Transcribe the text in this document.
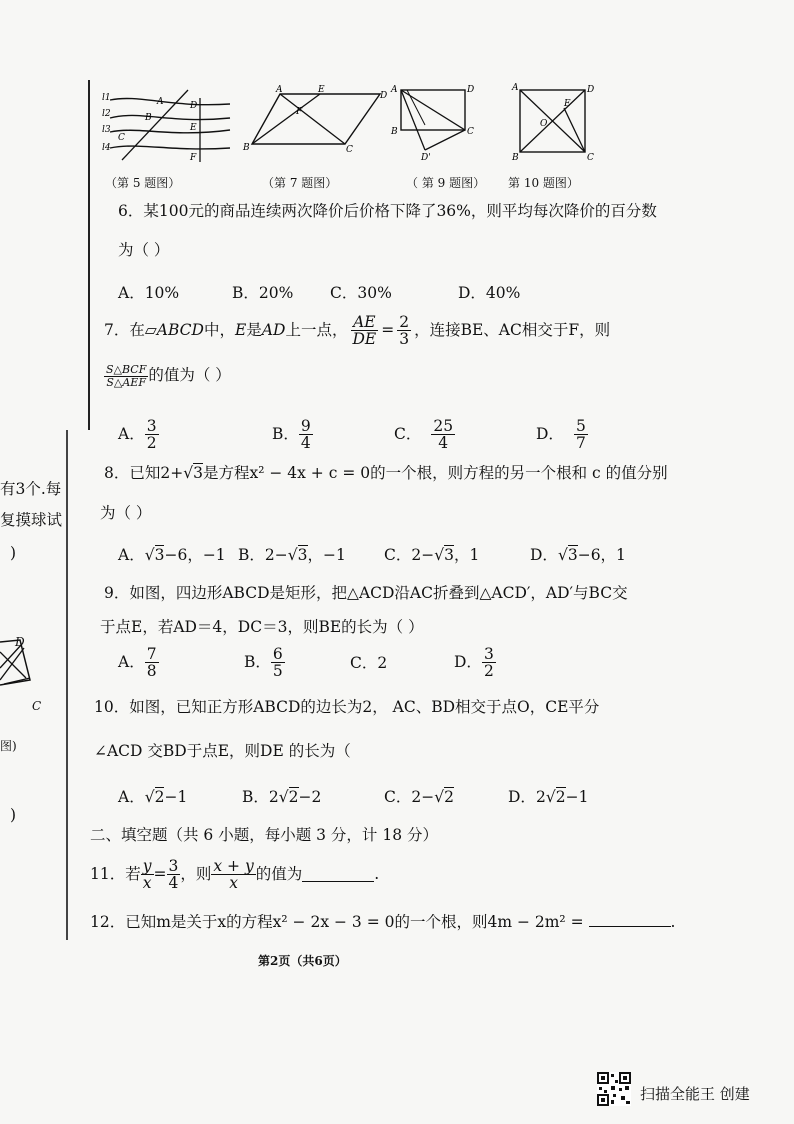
有3个.每
复摸球试
)
D
C
图)
)
l1
l2
l3
l4
A
B
C
D
E
F
A
B	C
D
E
F
A
B	C
D
D'
A
B	C
D
O
E
（第 5 题图）	（第 7 题图）	（ 第 9 题图） 第 10 题图）
6．某100元的商品连续两次降价后价格下降了36%，则平均每次降价的百分数
为（ ）
A．10%	B．20% C．30%	D．40%
7．在 ▱ABCD 中， E 是 AD 上一点， $\frac{AE}{DE} = \frac{2}{3}$ ，连接BE、AC相交于F，则
$\frac{\text{S△BCF}}{\text{S△AEF}}$ 的值为（ ）
A． $\frac{3}{2}$	B． $\frac{9}{4}$	C． $\frac{25}{4}$	D． $\frac{5}{7}$
8．已知2+√3是方程x² − 4x + c = 0的一个根，则方程的另一个根和 c 的值分别
为（ ）
A．√3−6，−1 B．2−√3，−1 C．2−√3，1	D．√3−6，1
9．如图，四边形ABCD是矩形，把△ACD沿AC折叠到△ACD′，AD′与BC交
于点E，若AD＝4，DC＝3，则BE的长为（ ）
A． $\frac{7}{8}$	B． $\frac{6}{5}$	C．2	D． $\frac{3}{2}$
10．如图，已知正方形ABCD的边长为2， AC、BD相交于点O，CE平分
∠ACD 交BD于点E，则DE 的长为（
A．√2−1	B．2√2−2	C．2−√2	D．2√2−1
二、填空题（共 6 小题，每小题 3 分，计 18 分）
11．若 $\frac{y}{x} = \frac{3}{4}$ ，则 $\frac{x + y}{x}$ 的值为	.
12．已知m是关于x的方程x² − 2x − 3 = 0的一个根，则4m − 2m² =	.
第2页（共6页）
扫描全能王 创建
